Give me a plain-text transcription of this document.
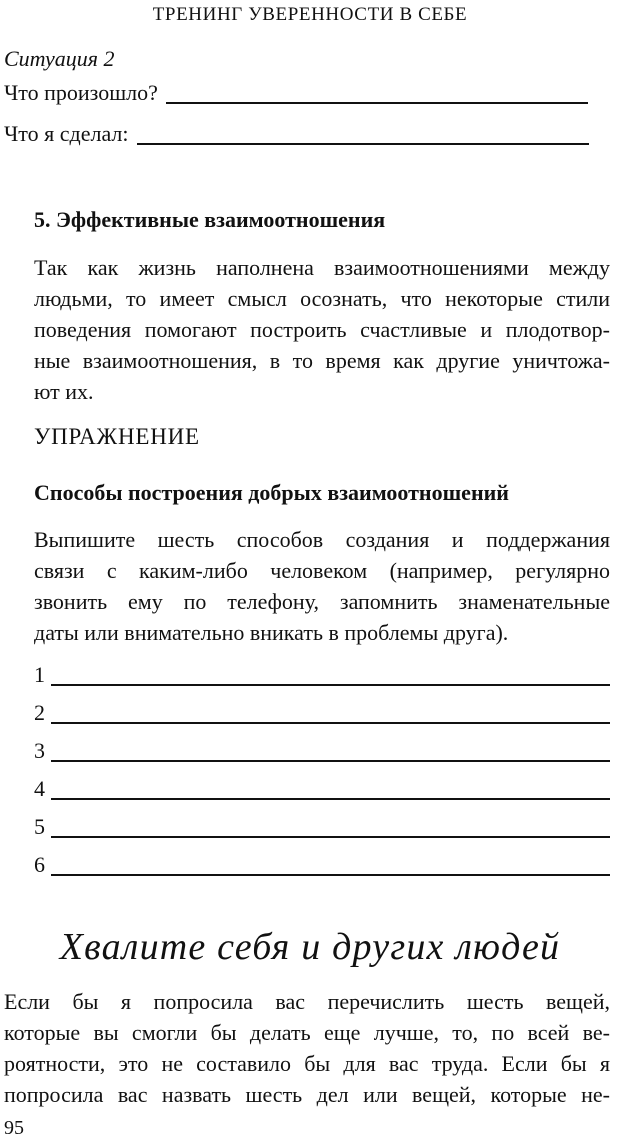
ТРЕНИНГ УВЕРЕННОСТИ В СЕБЕ
Ситуация 2
Что произошло?
Что я сделал:
5. Эффективные взаимоотношения
Так как жизнь наполнена взаимоотношениями между
людьми, то имеет смысл осознать, что некоторые стили
поведения помогают построить счастливые и плодотвор-
ные взаимоотношения, в то время как другие уничтожа-
ют их.
УПРАЖНЕНИЕ
Способы построения добрых взаимоотношений
Выпишите шесть способов создания и поддержания
связи с каким-либо человеком (например, регулярно
звонить ему по телефону, запомнить знаменательные
даты или внимательно вникать в проблемы друга).
1
2
3
4
5
6
Хвалите себя и других людей
Если бы я попросила вас перечислить шесть вещей,
которые вы смогли бы делать еще лучше, то, по всей ве-
роятности, это не составило бы для вас труда. Если бы я
попросила вас назвать шесть дел или вещей, которые не-
95
